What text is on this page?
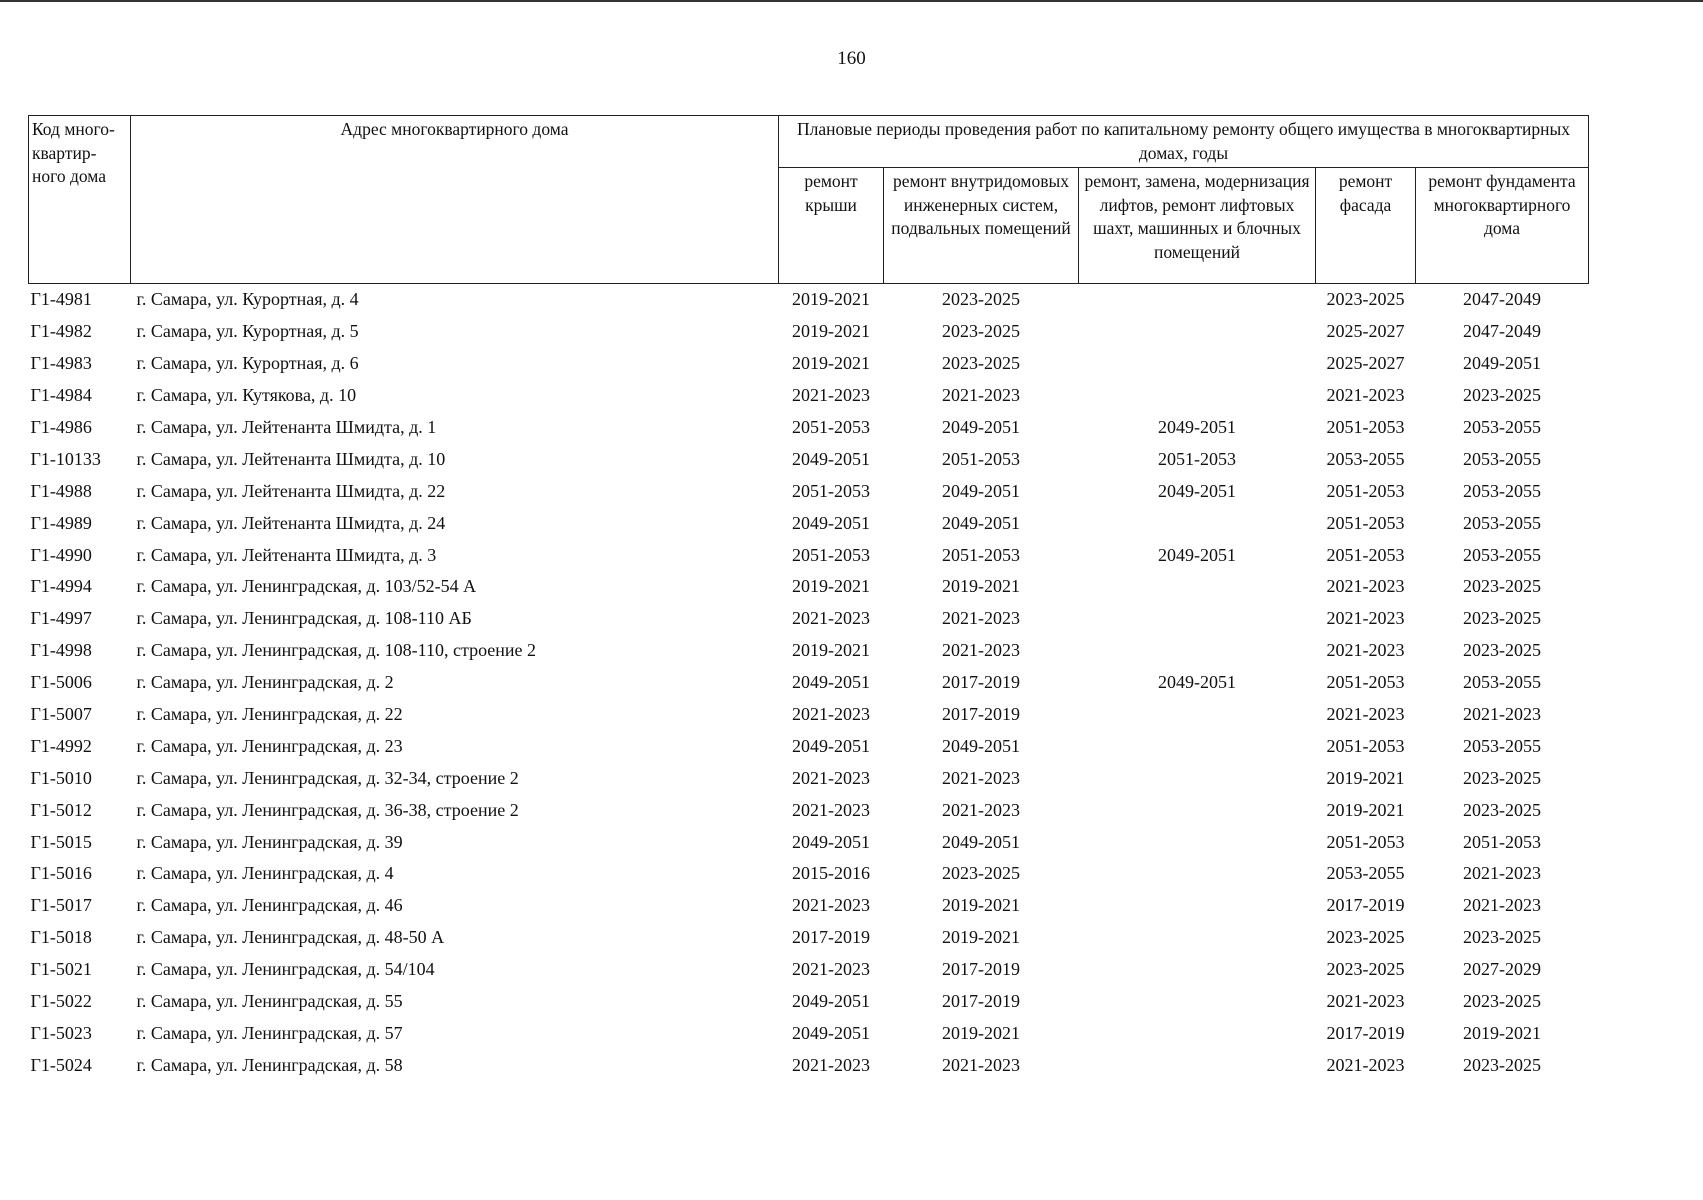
160
Код много-квартир-ного дома	Адрес многоквартирного дома	Плановые периоды проведения работ по капитальному ремонту общего имущества в многоквартирных домах, годы				
		ремонт крыши	ремонт внутридомовых инженерных систем, подвальных помещений	ремонт, замена, модернизация лифтов, ремонт лифтовых шахт, машинных и блочных помещений	ремонт фасада	ремонт фундамента многоквартирного дома
Г1-4981	г. Самара, ул. Курортная, д. 4	2019-2021	2023-2025		2023-2025	2047-2049
Г1-4982	г. Самара, ул. Курортная, д. 5	2019-2021	2023-2025		2025-2027	2047-2049
Г1-4983	г. Самара, ул. Курортная, д. 6	2019-2021	2023-2025		2025-2027	2049-2051
Г1-4984	г. Самара, ул. Кутякова, д. 10	2021-2023	2021-2023		2021-2023	2023-2025
Г1-4986	г. Самара, ул. Лейтенанта Шмидта, д. 1	2051-2053	2049-2051	2049-2051	2051-2053	2053-2055
Г1-10133	г. Самара, ул. Лейтенанта Шмидта, д. 10	2049-2051	2051-2053	2051-2053	2053-2055	2053-2055
Г1-4988	г. Самара, ул. Лейтенанта Шмидта, д. 22	2051-2053	2049-2051	2049-2051	2051-2053	2053-2055
Г1-4989	г. Самара, ул. Лейтенанта Шмидта, д. 24	2049-2051	2049-2051		2051-2053	2053-2055
Г1-4990	г. Самара, ул. Лейтенанта Шмидта, д. 3	2051-2053	2051-2053	2049-2051	2051-2053	2053-2055
Г1-4994	г. Самара, ул. Ленинградская, д. 103/52-54 А	2019-2021	2019-2021		2021-2023	2023-2025
Г1-4997	г. Самара, ул. Ленинградская, д. 108-110 АБ	2021-2023	2021-2023		2021-2023	2023-2025
Г1-4998	г. Самара, ул. Ленинградская, д. 108-110, строение 2	2019-2021	2021-2023		2021-2023	2023-2025
Г1-5006	г. Самара, ул. Ленинградская, д. 2	2049-2051	2017-2019	2049-2051	2051-2053	2053-2055
Г1-5007	г. Самара, ул. Ленинградская, д. 22	2021-2023	2017-2019		2021-2023	2021-2023
Г1-4992	г. Самара, ул. Ленинградская, д. 23	2049-2051	2049-2051		2051-2053	2053-2055
Г1-5010	г. Самара, ул. Ленинградская, д. 32-34, строение 2	2021-2023	2021-2023		2019-2021	2023-2025
Г1-5012	г. Самара, ул. Ленинградская, д. 36-38, строение 2	2021-2023	2021-2023		2019-2021	2023-2025
Г1-5015	г. Самара, ул. Ленинградская, д. 39	2049-2051	2049-2051		2051-2053	2051-2053
Г1-5016	г. Самара, ул. Ленинградская, д. 4	2015-2016	2023-2025		2053-2055	2021-2023
Г1-5017	г. Самара, ул. Ленинградская, д. 46	2021-2023	2019-2021		2017-2019	2021-2023
Г1-5018	г. Самара, ул. Ленинградская, д. 48-50 А	2017-2019	2019-2021		2023-2025	2023-2025
Г1-5021	г. Самара, ул. Ленинградская, д. 54/104	2021-2023	2017-2019		2023-2025	2027-2029
Г1-5022	г. Самара, ул. Ленинградская, д. 55	2049-2051	2017-2019		2021-2023	2023-2025
Г1-5023	г. Самара, ул. Ленинградская, д. 57	2049-2051	2019-2021		2017-2019	2019-2021
Г1-5024	г. Самара, ул. Ленинградская, д. 58	2021-2023	2021-2023		2021-2023	2023-2025
